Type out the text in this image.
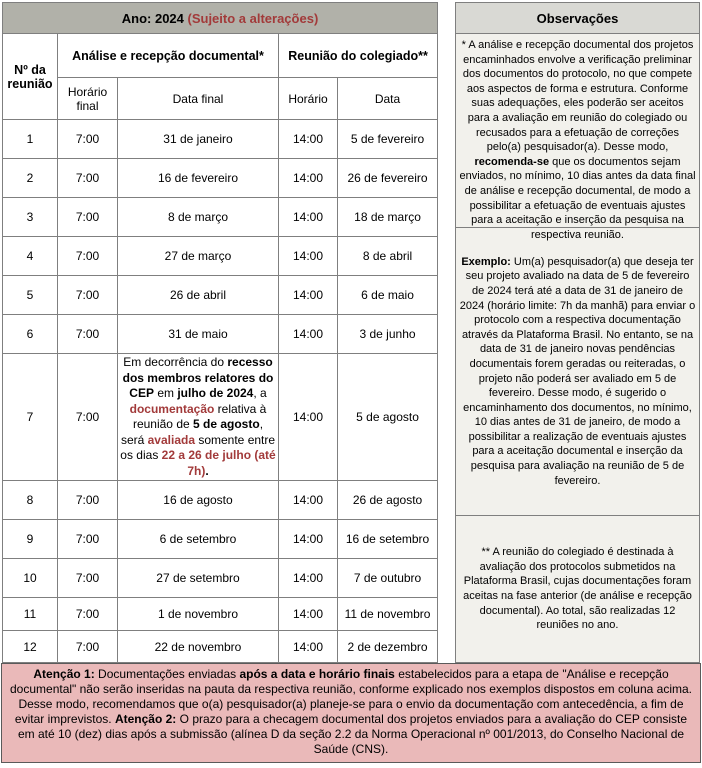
Ano: 2024 (Sujeito a alterações)				
Nº da reunião	Análise e recepção documental*		Reunião do colegiado**	
	Horário final	Data final	Horário	Data
1	7:00	31 de janeiro	14:00	5 de fevereiro
2	7:00	16 de fevereiro	14:00	26 de fevereiro
3	7:00	8 de março	14:00	18 de março
4	7:00	27 de março	14:00	8 de abril
5	7:00	26 de abril	14:00	6 de maio
6	7:00	31 de maio	14:00	3 de junho
7	7:00	Em decorrência do recesso dos membros relatores do CEP em julho de 2024, a documentação relativa à reunião de 5 de agosto, será avaliada somente entre os dias 22 a 26 de julho (até 7h).	14:00	5 de agosto
8	7:00	16 de agosto	14:00	26 de agosto
9	7:00	6 de setembro	14:00	16 de setembro
10	7:00	27 de setembro	14:00	7 de outubro
11	7:00	1 de novembro	14:00	11 de novembro
12	7:00	22 de novembro	14:00	2 de dezembro
Observações
* A análise e recepção documental dos projetos encaminhados envolve a verificação preliminar dos documentos do protocolo, no que compete aos aspectos de forma e estrutura. Conforme suas adequações, eles poderão ser aceitos para a avaliação em reunião do colegiado ou recusados para a efetuação de correções pelo(a) pesquisador(a). Desse modo, recomenda-se que os documentos sejam enviados, no mínimo, 10 dias antes da data final de análise e recepção documental, de modo a possibilitar a efetuação de eventuais ajustes para a aceitação e inserção da pesquisa na respectiva reunião.
Exemplo: Um(a) pesquisador(a) que deseja ter seu projeto avaliado na data de 5 de fevereiro de 2024 terá até a data de 31 de janeiro de 2024 (horário limite: 7h da manhã) para enviar o protocolo com a respectiva documentação através da Plataforma Brasil. No entanto, se na data de 31 de janeiro novas pendências documentais forem geradas ou reiteradas, o projeto não poderá ser avaliado em 5 de fevereiro. Desse modo, é sugerido o encaminhamento dos documentos, no mínimo, 10 dias antes de 31 de janeiro, de modo a possibilitar a realização de eventuais ajustes para a aceitação documental e inserção da pesquisa para avaliação na reunião de 5 de fevereiro.
** A reunião do colegiado é destinada à avaliação dos protocolos submetidos na Plataforma Brasil, cujas documentações foram aceitas na fase anterior (de análise e recepção documental). Ao total, são realizadas 12 reuniões no ano.
Atenção 1: Documentações enviadas após a data e horário finais estabelecidos para a etapa de "Análise e recepção documental" não serão inseridas na pauta da respectiva reunião, conforme explicado nos exemplos dispostos em coluna acima. Desse modo, recomendamos que o(a) pesquisador(a) planeje-se para o envio da documentação com antecedência, a fim de evitar imprevistos. Atenção 2: O prazo para a checagem documental dos projetos enviados para a avaliação do CEP consiste em até 10 (dez) dias após a submissão (alínea D da seção 2.2 da Norma Operacional nº 001/2013, do Conselho Nacional de Saúde (CNS).
